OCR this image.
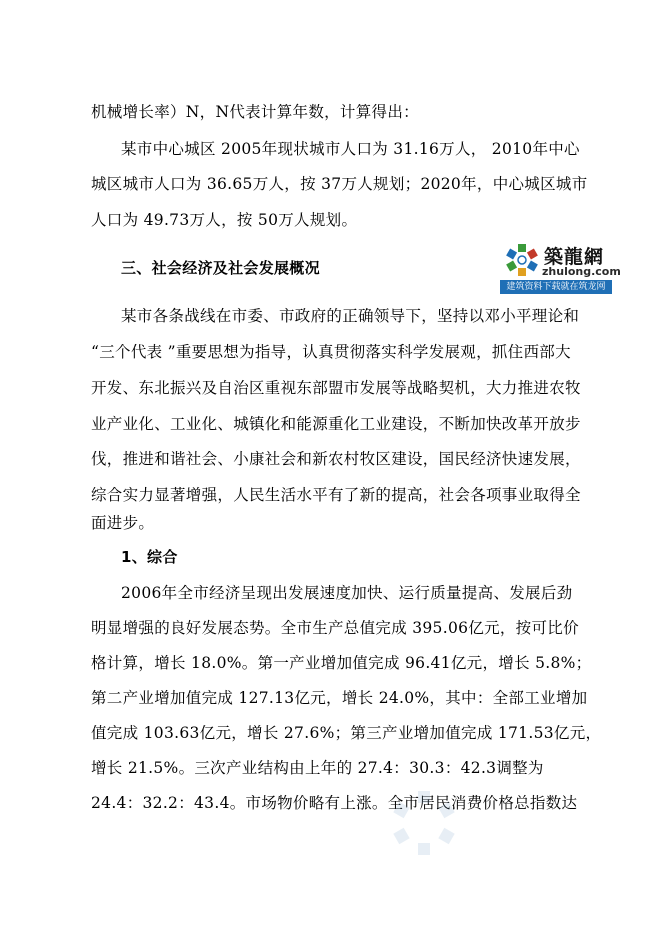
机械增长率）N，N代表计算年数，计算得出：
某市中心城区 2005年现状城市人口为 31.16万人， 2010年中心
城区城市人口为 36.65万人，按 37万人规划；2020年，中心城区城市
人口为 49.73万人，按 50万人规划。
三、社会经济及社会发展概况	築龍網
zhulong.com
建筑资料下载就在筑龙网
某市各条战线在市委、市政府的正确领导下，坚持以邓小平理论和
“三个代表 ”重要思想为指导，认真贯彻落实科学发展观，抓住西部大
开发、东北振兴及自治区重视东部盟市发展等战略契机，大力推进农牧
业产业化、工业化、城镇化和能源重化工业建设，不断加快改革开放步
伐，推进和谐社会、小康社会和新农村牧区建设，国民经济快速发展，
综合实力显著增强，人民生活水平有了新的提高，社会各项事业取得全
面进步。
1、综合
2006年全市经济呈现出发展速度加快、运行质量提高、发展后劲
明显增强的良好发展态势。全市生产总值完成 395.06亿元，按可比价
格计算，增长 18.0%。第一产业增加值完成 96.41亿元，增长 5.8%；
第二产业增加值完成 127.13亿元，增长 24.0%，其中：全部工业增加
值完成 103.63亿元，增长 27.6%；第三产业增加值完成 171.53亿元，
增长 21.5%。三次产业结构由上年的 27.4：30.3：42.3调整为
24.4：32.2：43.4。市场物价略有上涨。全市居民消费价格总指数达
